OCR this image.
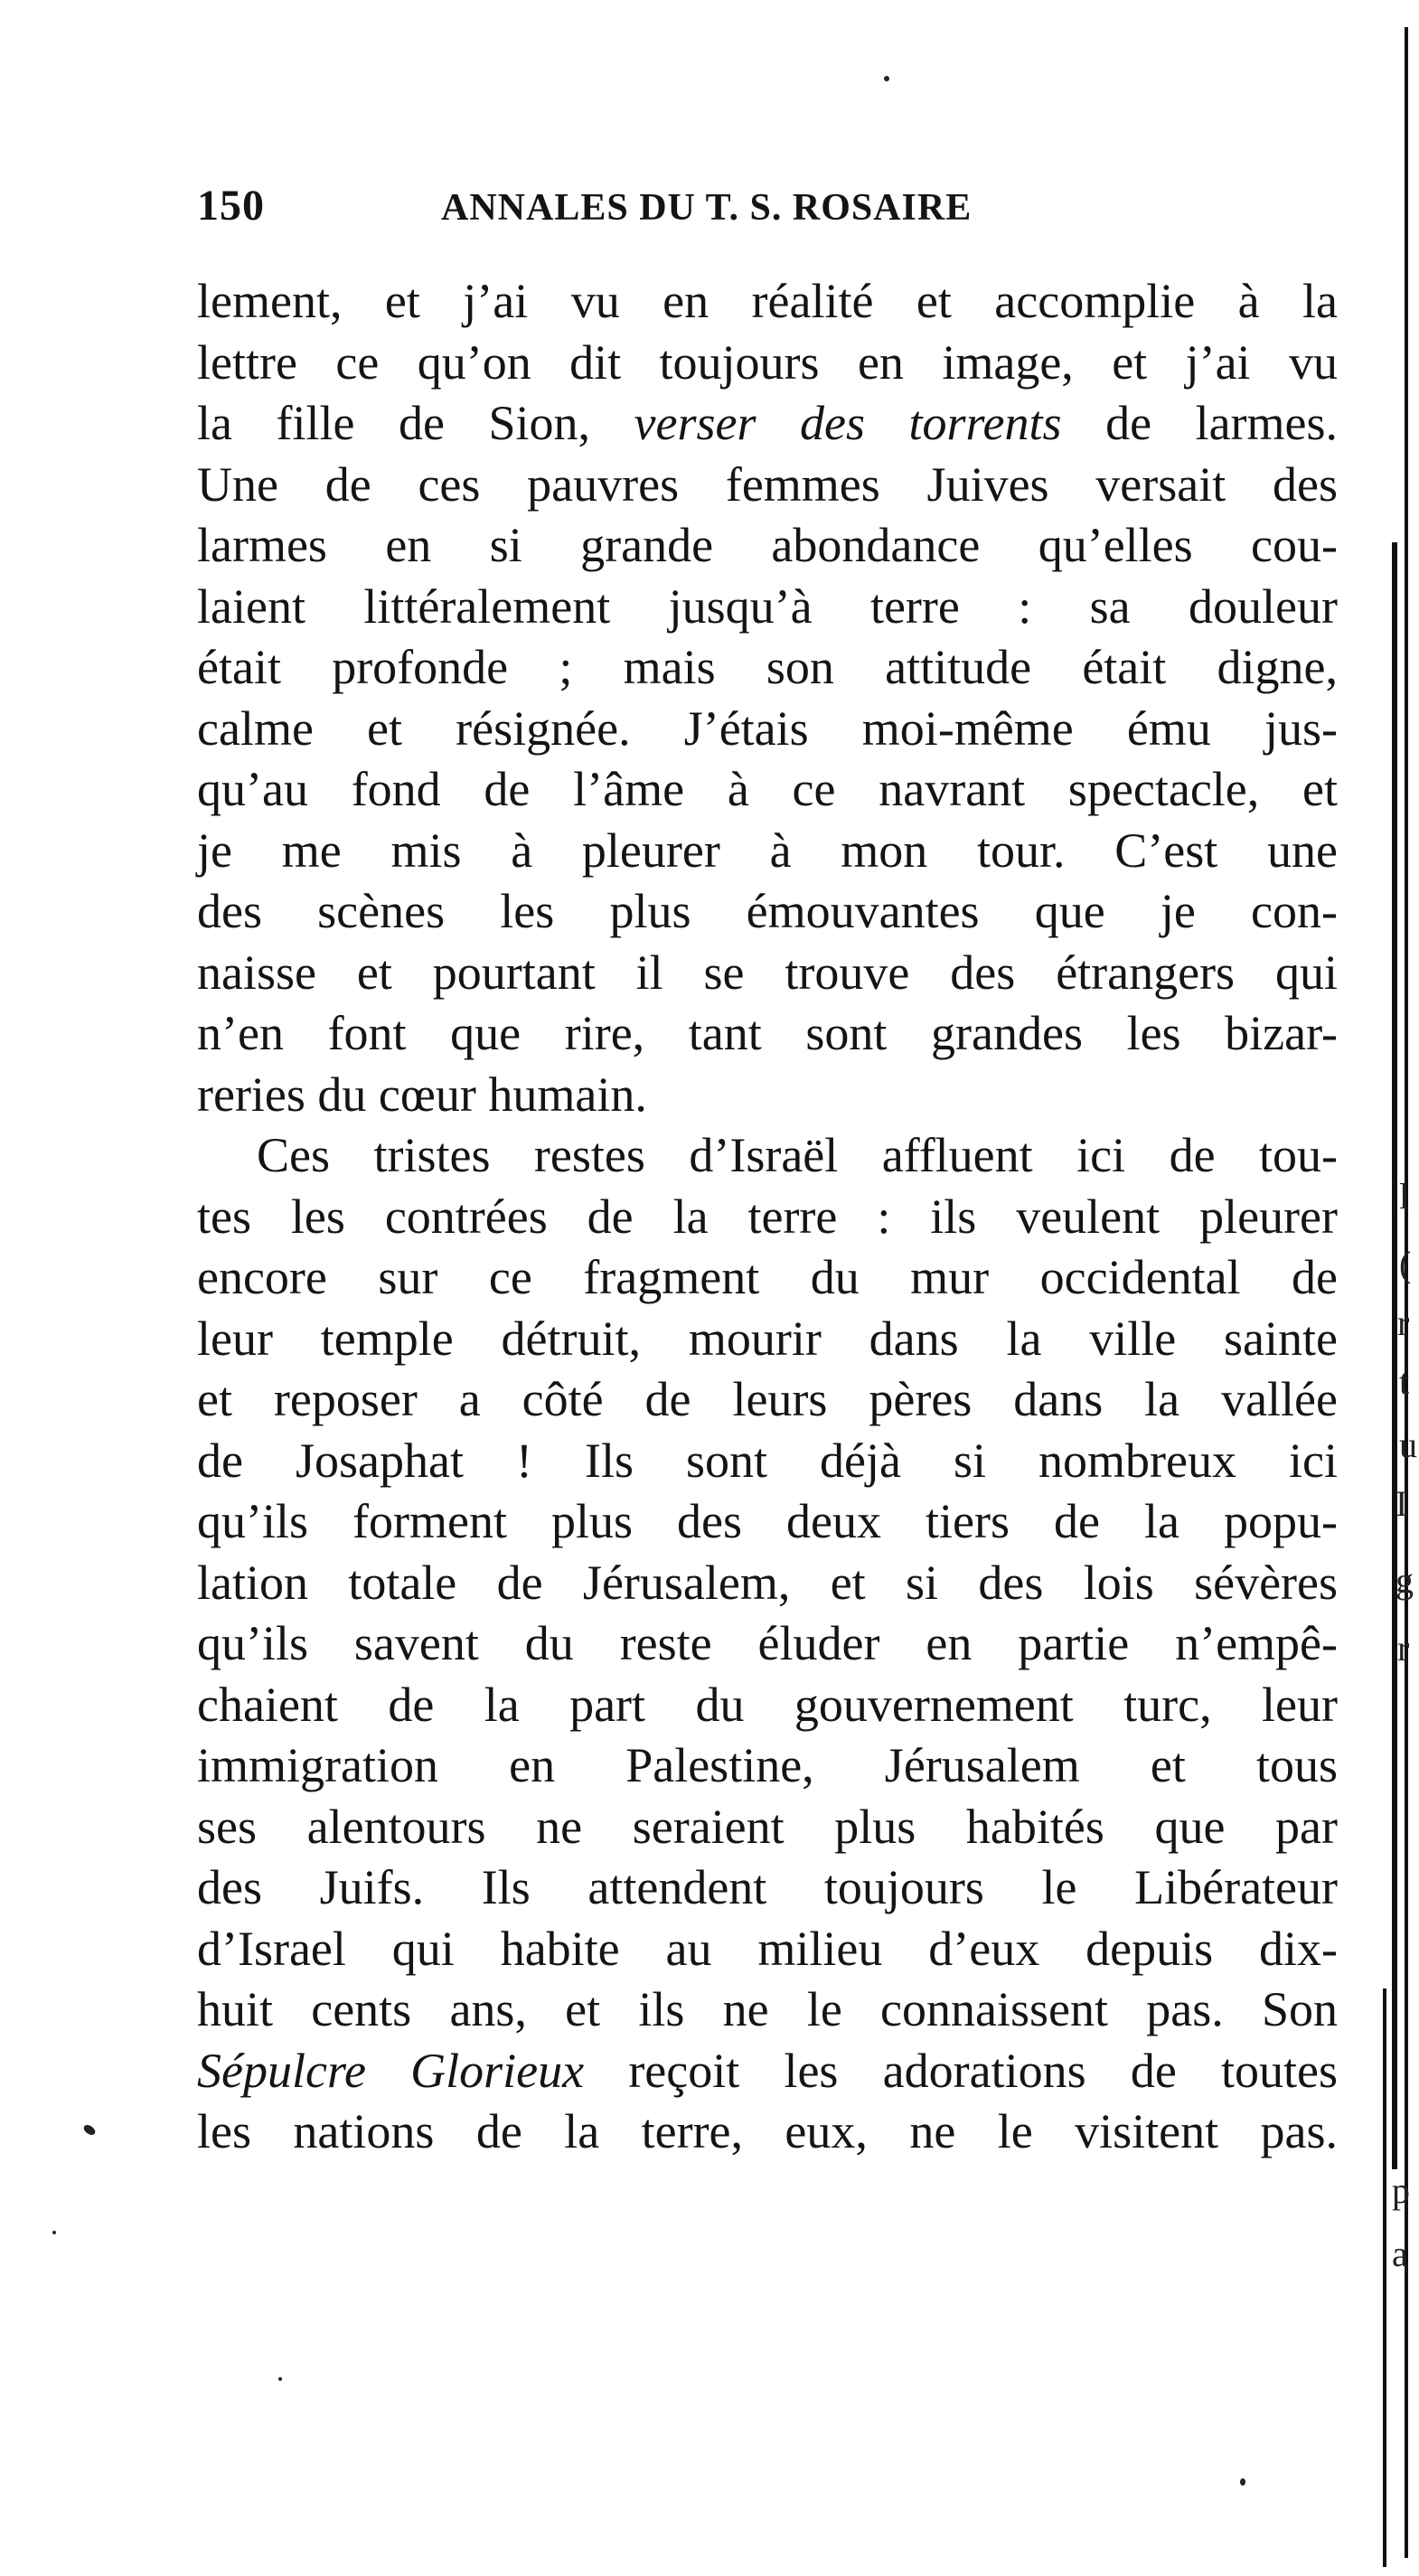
150	ANNALES DU T. S. ROSAIRE
lement, et j’ai vu en réalité et accomplie à la
lettre ce qu’on dit toujours en image, et j’ai vu
la fille de Sion, verser des torrents de larmes.
Une de ces pauvres femmes Juives versait des
larmes en si grande abondance qu’elles cou-
laient littéralement jusqu’à terre : sa douleur
était profonde ; mais son attitude était digne,
calme et résignée. J’étais moi-même ému jus-
qu’au fond de l’âme à ce navrant spectacle, et
je me mis à pleurer à mon tour. C’est une
des scènes les plus émouvantes que je con-
naisse et pourtant il se trouve des étrangers qui
n’en font que rire, tant sont grandes les bizar-
reries du cœur humain.
Ces tristes restes d’Israël affluent ici de tou-
tes les contrées de la terre : ils veulent pleurer
encore sur ce fragment du mur occidental de
leur temple détruit, mourir dans la ville sainte
et reposer a côté de leurs pères dans la vallée
de Josaphat ! Ils sont déjà si nombreux ici
qu’ils forment plus des deux tiers de la popu-
lation totale de Jérusalem, et si des lois sévères
qu’ils savent du reste éluder en partie n’empê-
chaient de la part du gouvernement turc, leur
immigration en Palestine, Jérusalem et tous
ses alentours ne seraient plus habités que par
des Juifs. Ils attendent toujours le Libérateur
d’Israel qui habite au milieu d’eux depuis dix-
huit cents ans, et ils ne le connaissent pas. Son
Sépulcre Glorieux reçoit les adorations de toutes
les nations de la terre, eux, ne le visitent pas.
l
(
r
t
u
I
g
r
p
a
